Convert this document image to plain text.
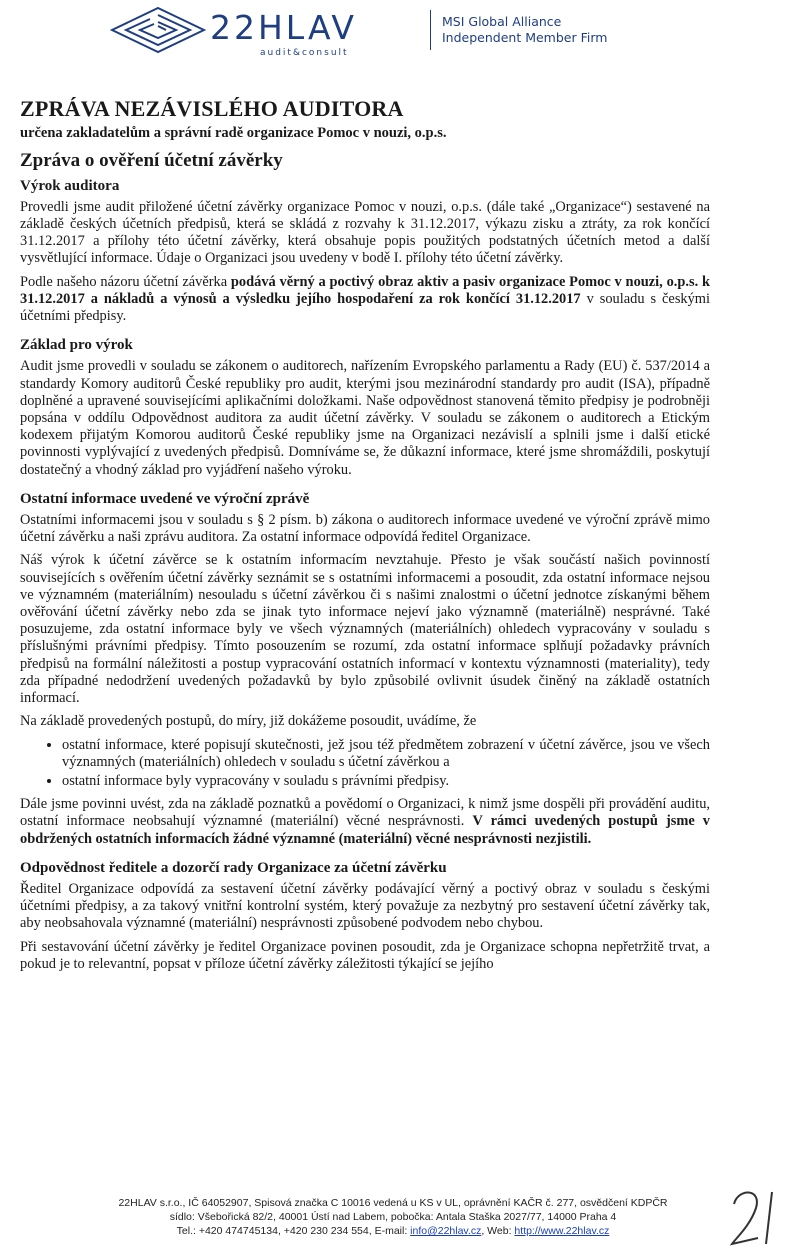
22HLAV
audit&consult
MSI Global Alliance
Independent Member Firm
ZPRÁVA NEZÁVISLÉHO AUDITORA
určena zakladatelům a správní radě organizace Pomoc v nouzi, o.p.s.
Zpráva o ověření účetní závěrky
Výrok auditora

Provedli jsme audit přiložené účetní závěrky organizace Pomoc v nouzi, o.p.s. (dále také „Organizace“) sestavené na základě českých účetních předpisů, která se skládá z rozvahy k 31.12.2017, výkazu zisku a ztráty, za rok končící 31.12.2017 a přílohy této účetní závěrky, která obsahuje popis použitých podstatných účetních metod a další vysvětlující informace. Údaje o Organizaci jsou uvedeny v bodě I. přílohy této účetní závěrky.

Podle našeho názoru účetní závěrka podává věrný a poctivý obraz aktiv a pasiv organizace Pomoc v nouzi, o.p.s. k 31.12.2017 a nákladů a výnosů a výsledku jejího hospodaření za rok končící 31.12.2017 v souladu s českými účetními předpisy.

Základ pro výrok

Audit jsme provedli v souladu se zákonem o auditorech, nařízením Evropského parlamentu a Rady (EU) č. 537/2014 a standardy Komory auditorů České republiky pro audit, kterými jsou mezinárodní standardy pro audit (ISA), případně doplněné a upravené souvisejícími aplikačními doložkami. Naše odpovědnost stanovená těmito předpisy je podrobněji popsána v oddílu Odpovědnost auditora za audit účetní závěrky. V souladu se zákonem o auditorech a Etickým kodexem přijatým Komorou auditorů České republiky jsme na Organizaci nezávislí a splnili jsme i další etické povinnosti vyplývající z uvedených předpisů. Domníváme se, že důkazní informace, které jsme shromáždili, poskytují dostatečný a vhodný základ pro vyjádření našeho výroku.

Ostatní informace uvedené ve výroční zprávě

Ostatními informacemi jsou v souladu s § 2 písm. b) zákona o auditorech informace uvedené ve výroční zprávě mimo účetní závěrku a naši zprávu auditora. Za ostatní informace odpovídá ředitel Organizace.

Náš výrok k účetní závěrce se k ostatním informacím nevztahuje. Přesto je však součástí našich povinností souvisejících s ověřením účetní závěrky seznámit se s ostatními informacemi a posoudit, zda ostatní informace nejsou ve významném (materiálním) nesouladu s účetní závěrkou či s našimi znalostmi o účetní jednotce získanými během ověřování účetní závěrky nebo zda se jinak tyto informace nejeví jako významně (materiálně) nesprávné. Také posuzujeme, zda ostatní informace byly ve všech významných (materiálních) ohledech vypracovány v souladu s příslušnými právními předpisy. Tímto posouzením se rozumí, zda ostatní informace splňují požadavky právních předpisů na formální náležitosti a postup vypracování ostatních informací v kontextu významnosti (materiality), tedy zda případné nedodržení uvedených požadavků by bylo způsobilé ovlivnit úsudek činěný na základě ostatních informací.

Na základě provedených postupů, do míry, již dokážeme posoudit, uvádíme, že

• ostatní informace, které popisují skutečnosti, jež jsou též předmětem zobrazení v účetní závěrce, jsou ve všech významných (materiálních) ohledech v souladu s účetní závěrkou a
• ostatní informace byly vypracovány v souladu s právními předpisy.

Dále jsme povinni uvést, zda na základě poznatků a povědomí o Organizaci, k nimž jsme dospěli při provádění auditu, ostatní informace neobsahují významné (materiální) věcné nesprávnosti. V rámci uvedených postupů jsme v obdržených ostatních informacích žádné významné (materiální) věcné nesprávnosti nezjistili.

Odpovědnost ředitele a dozorčí rady Organizace za účetní závěrku

Ředitel Organizace odpovídá za sestavení účetní závěrky podávající věrný a poctivý obraz v souladu s českými účetními předpisy, a za takový vnitřní kontrolní systém, který považuje za nezbytný pro sestavení účetní závěrky tak, aby neobsahovala významné (materiální) nesprávnosti způsobené podvodem nebo chybou.

Při sestavování účetní závěrky je ředitel Organizace povinen posoudit, zda je Organizace schopna nepřetržitě trvat, a pokud je to relevantní, popsat v příloze účetní závěrky záležitosti týkající se jejího

22HLAV s.r.o., IČ 64052907, Spisová značka C 10016 vedená u KS v UL, oprávnění KAČR č. 277, osvědčení KDPČR
sídlo: Všebořická 82/2, 40001 Ústí nad Labem, pobočka: Antala Staška 2027/77, 14000 Praha 4
Tel.: +420 474745134, +420 230 234 554, E-mail: info@22hlav.cz, Web: http://www.22hlav.cz
